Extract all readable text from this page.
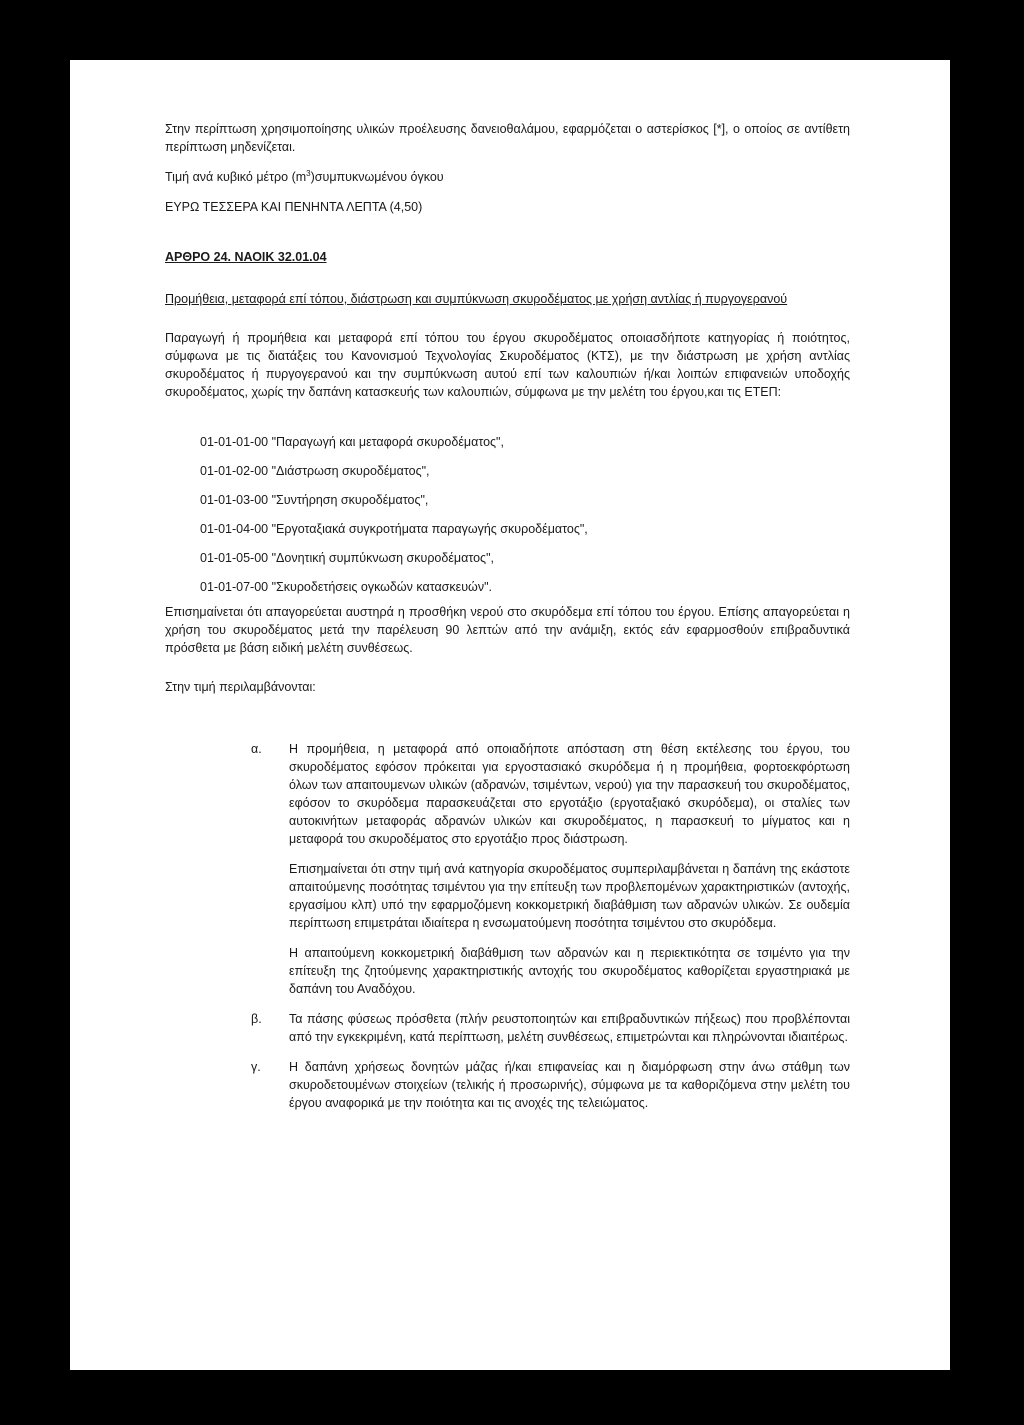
Στην περίπτωση χρησιμοποίησης υλικών προέλευσης δανειοθαλάμου, εφαρμόζεται ο αστερίσκος [*], ο οποίος σε αντίθετη περίπτωση μηδενίζεται.

Τιμή ανά κυβικό μέτρο $(m^3)\sigma\upsilon\mu\pi\upsilon\kappa\nu\omega\mu έ\nu o\upsilon$ όγκου

ΕΥΡΩ ΤΕΣΣΕΡΑ ΚΑΙ ΠΕΝΗΝΤΑ ΛΕΠΤΑ (4,50)

ΑΡΘΡΟ 24. ΝΑΟΙΚ 32.01.04

Προμήθεια, μεταφορά επί τόπου, διάστρωση και συμπύκνωση σκυροδέματος με χρήση αντλίας ή πυργογερανού

Παραγωγή ή προμήθεια και μεταφορά επί τόπου του έργου σκυροδέματος οποιασδήποτε κατηγορίας ή ποιότητος, σύμφωνα με τις διατάξεις του Κανονισμού Τεχνολογίας Σκυροδέματος (ΚΤΣ), με την διάστρωση με χρήση αντλίας σκυροδέματος ή πυργογερανού και την συμπύκνωση αυτού επί των καλουπιών ή/και λοιπών επιφανειών υποδοχής σκυροδέματος, χωρίς την δαπάνη κατασκευής των καλουπιών, σύμφωνα με την μελέτη του έργου,και τις ΕΤΕΠ:

01-01-01-00 "Παραγωγή και μεταφορά σκυροδέματος",
01-01-02-00 "Διάστρωση σκυροδέματος",
01-01-03-00 "Συντήρηση σκυροδέματος",
01-01-04-00 "Εργοταξιακά συγκροτήματα παραγωγής σκυροδέματος",
01-01-05-00 "Δονητική συμπύκνωση σκυροδέματος",
01-01-07-00 "Σκυροδετήσεις ογκωδών κατασκευών".

Επισημαίνεται ότι απαγορεύεται αυστηρά η προσθήκη νερού στο σκυρόδεμα επί τόπου του έργου. Επίσης απαγορεύεται η χρήση του σκυροδέματος μετά την παρέλευση 90 λεπτών από την ανάμιξη, εκτός εάν εφαρμοσθούν επιβραδυντικά πρόσθετα με βάση ειδική μελέτη συνθέσεως.

Στην τιμή περιλαμβάνονται:

α.	Η προμήθεια, η μεταφορά από οποιαδήποτε απόσταση στη θέση εκτέλεσης του έργου, του σκυροδέματος εφόσον πρόκειται για εργοστασιακό σκυρόδεμα ή η προμήθεια, φορτοεκφόρτωση όλων των απαιτουμενων υλικών (αδρανών, τσιμέντων, νερού) για την παρασκευή του σκυροδέματος, εφόσον το σκυρόδεμα παρασκευάζεται στο εργοτάξιο (εργοταξιακό σκυρόδεμα), οι σταλίες των αυτοκινήτων μεταφοράς αδρανών υλικών και σκυροδέματος, η παρασκευή το μίγματος και η μεταφορά του σκυροδέματος στο εργοτάξιο προς διάστρωση.

Επισημαίνεται ότι στην τιμή ανά κατηγορία σκυροδέματος συμπεριλαμβάνεται η δαπάνη της εκάστοτε απαιτούμενης ποσότητας τσιμέντου για την επίτευξη των προβλεπομένων χαρακτηριστικών (αντοχής, εργασίμου κλπ) υπό την εφαρμοζόμενη κοκκομετρική διαβάθμιση των αδρανών υλικών. Σε ουδεμία περίπτωση επιμετράται ιδιαίτερα η ενσωματούμενη ποσότητα τσιμέντου στο σκυρόδεμα.

Η απαιτούμενη κοκκομετρική διαβάθμιση των αδρανών και η περιεκτικότητα σε τσιμέντο για την επίτευξη της ζητούμενης χαρακτηριστικής αντοχής του σκυροδέματος καθορίζεται εργαστηριακά με δαπάνη του Αναδόχου.

β.	Τα πάσης φύσεως πρόσθετα (πλήν ρευστοποιητών και επιβραδυντικών πήξεως) που προβλέπονται από την εγκεκριμένη, κατά περίπτωση, μελέτη συνθέσεως, επιμετρώνται και πληρώνονται ιδιαιτέρως.

γ.	Η δαπάνη χρήσεως δονητών μάζας ή/και επιφανείας και η διαμόρφωση στην άνω στάθμη των σκυροδετουμένων στοιχείων (τελικής ή προσωρινής), σύμφωνα με τα καθοριζόμενα στην μελέτη του έργου αναφορικά με την ποιότητα και τις ανοχές της τελειώματος.
